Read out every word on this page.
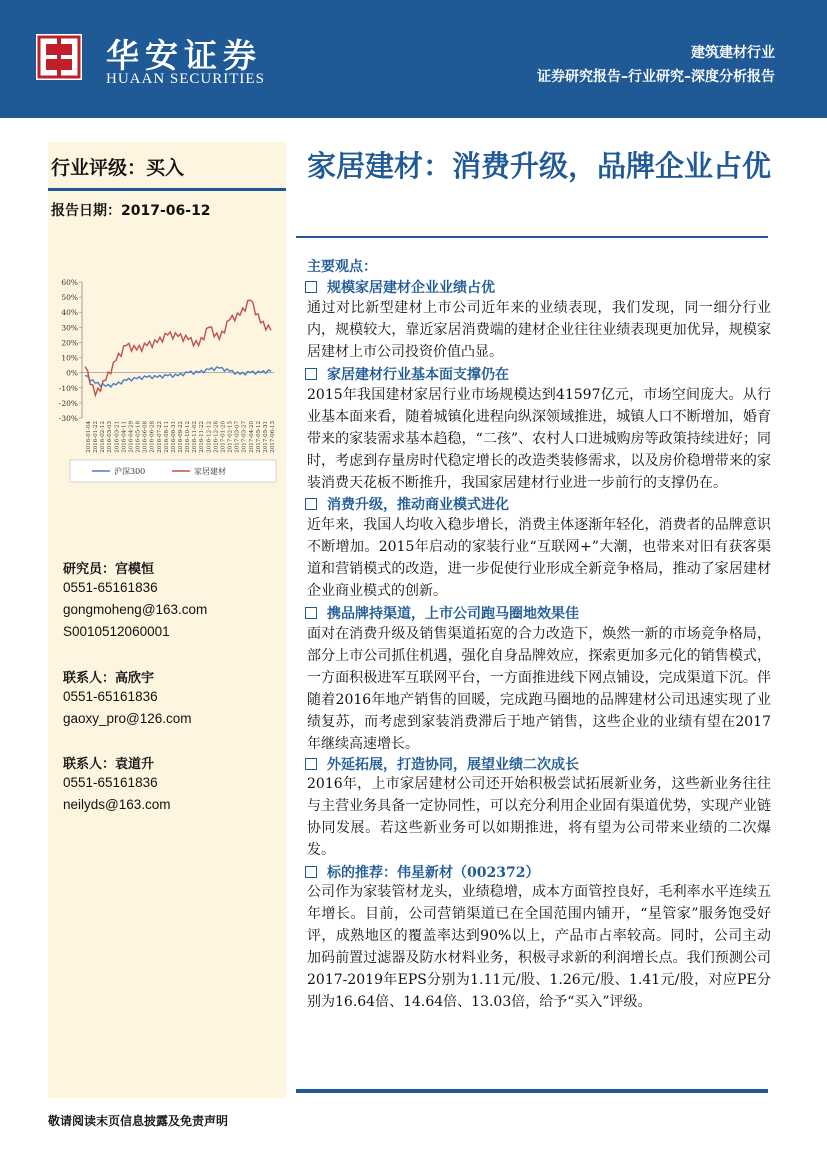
华安证券
HUAAN SECURITIES
建筑建材行业
证券研究报告–行业研究–深度分析报告
行业评级：买入
报告日期：2017-06-12
60%
50%
40%
30%
20%
10%
0%
-10%
-20%
-30%
2016-01-04 2016-01-22 2016-02-12 2016-03-03 2016-03-21 2016-04-11 2016-04-29 2016-05-18 2016-06-08 2016-06-28 2016-07-22 2016-08-11 2016-08-31 2016-09-22 2016-10-12 2016-11-02 2016-11-22 2016-12-12 2016-12-28 2017-01-20 2017-02-15 2017-03-07 2017-03-27 2017-04-20 2017-05-12 2017-05-31 2017-06-13
沪深300	家居建材
研究员：宫模恒
0551-65161836
gongmoheng@163.com
S0010512060001
联系人：高欣宇
0551-65161836
gaoxy_pro@126.com
联系人：袁道升
0551-65161836
neilyds@163.com
家居建材：消费升级，品牌企业占优
主要观点：
规模家居建材企业业绩占优
通过对比新型建材上市公司近年来的业绩表现，我们发现，同一细分行业内，规模较大，靠近家居消费端的建材企业往往业绩表现更加优异，规模家居建材上市公司投资价值凸显。
家居建材行业基本面支撑仍在
2015年我国建材家居行业市场规模达到41597亿元，市场空间庞大。从行业基本面来看，随着城镇化进程向纵深领域推进，城镇人口不断增加，婚育带来的家装需求基本趋稳，“二孩”、农村人口进城购房等政策持续进好；同时，考虑到存量房时代稳定增长的改造类装修需求，以及房价稳增带来的家装消费天花板不断推升，我国家居建材行业进一步前行的支撑仍在。
消费升级，推动商业模式进化
近年来，我国人均收入稳步增长，消费主体逐渐年轻化，消费者的品牌意识不断增加。2015年启动的家装行业“互联网+”大潮，也带来对旧有获客渠道和营销模式的改造，进一步促使行业形成全新竞争格局，推动了家居建材企业商业模式的创新。
携品牌持渠道，上市公司跑马圈地效果佳
面对在消费升级及销售渠道拓宽的合力改造下，焕然一新的市场竞争格局，部分上市公司抓住机遇，强化自身品牌效应，探索更加多元化的销售模式，一方面积极进军互联网平台，一方面推进线下网点铺设，完成渠道下沉。伴随着2016年地产销售的回暖，完成跑马圈地的品牌建材公司迅速实现了业绩复苏，而考虑到家装消费滞后于地产销售，这些企业的业绩有望在2017年继续高速增长。
外延拓展，打造协同，展望业绩二次成长
2016年，上市家居建材公司还开始积极尝试拓展新业务，这些新业务往往与主营业务具备一定协同性，可以充分利用企业固有渠道优势，实现产业链协同发展。若这些新业务可以如期推进，将有望为公司带来业绩的二次爆发。
标的推荐：伟星新材（002372）
公司作为家装管材龙头，业绩稳增，成本方面管控良好，毛利率水平连续五年增长。目前，公司营销渠道已在全国范围内铺开，“星管家”服务饱受好评，成熟地区的覆盖率达到90%以上，产品市占率较高。同时，公司主动加码前置过滤器及防水材料业务，积极寻求新的利润增长点。我们预测公司2017-2019年EPS分别为1.11元/股、1.26元/股、1.41元/股，对应PE分别为16.64倍、14.64倍、13.03倍，给予“买入”评级。
敬请阅读末页信息披露及免责声明
